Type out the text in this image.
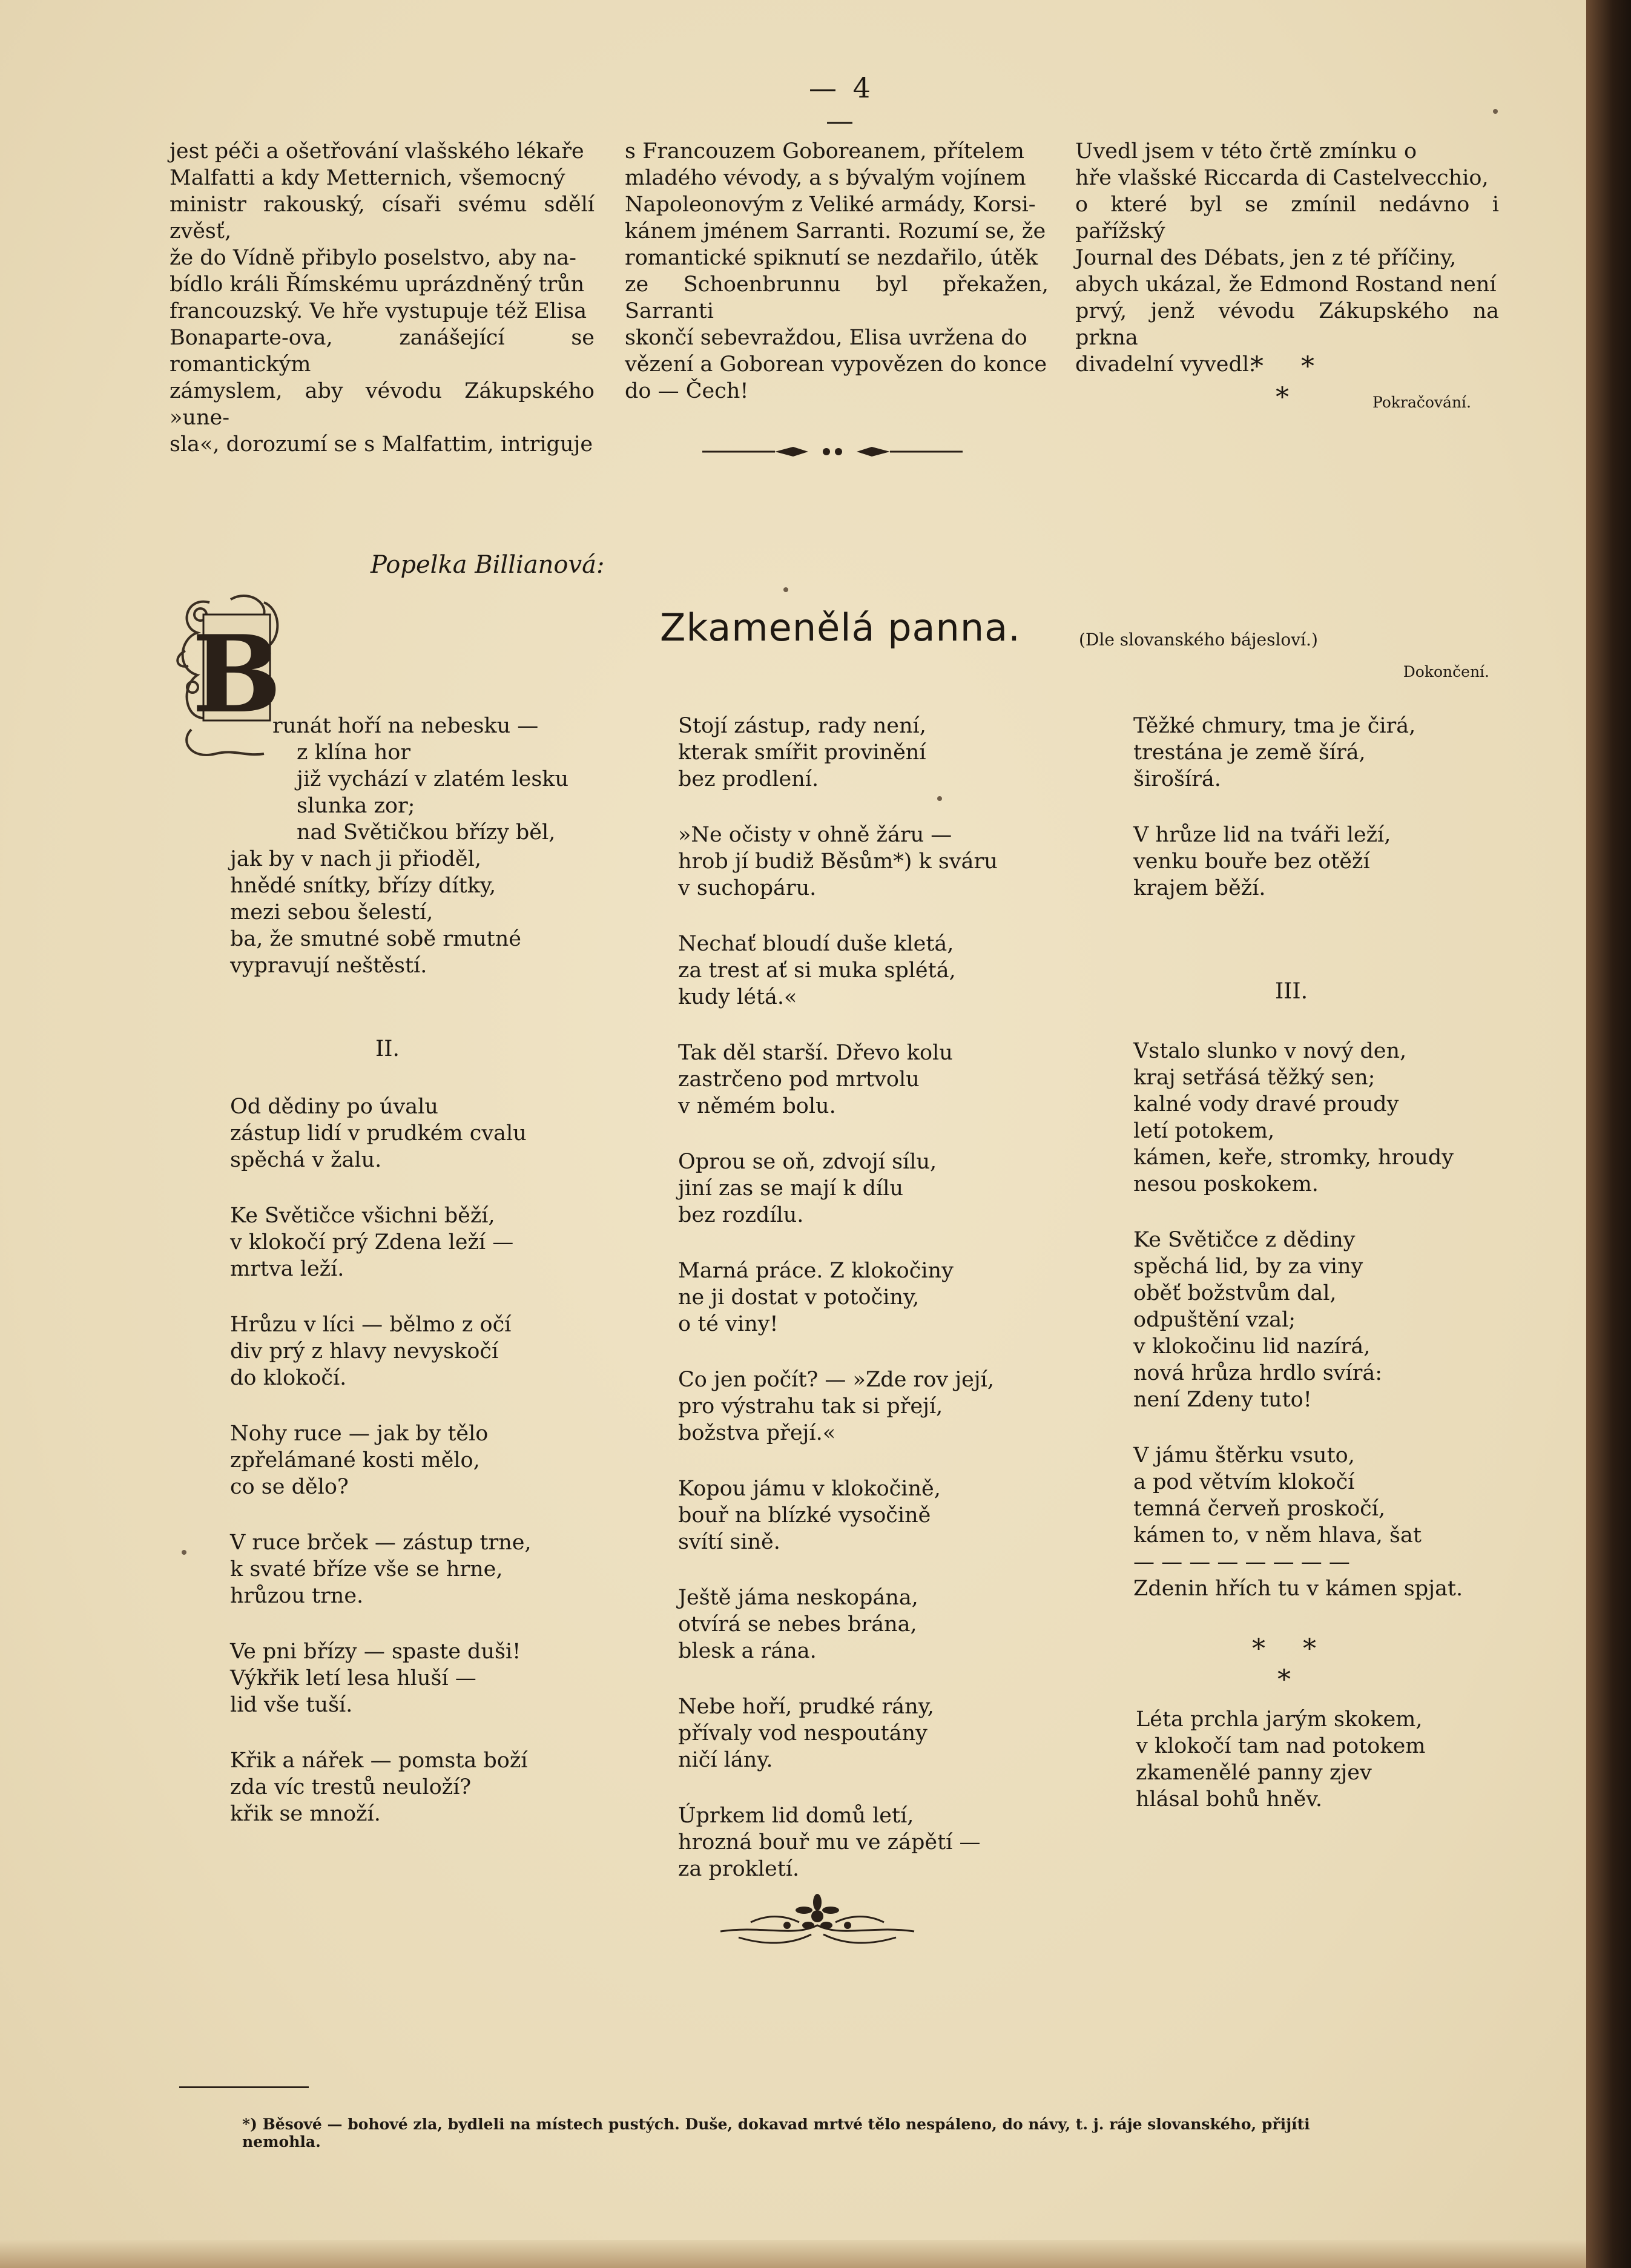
— 4 —
jest péči a ošetřování vlašského lékaře
Malfatti a kdy Metternich, všemocný
ministr rakouský, císaři svému sdělí zvěsť,
že do Vídně přibylo poselstvo, aby na-
bídlo králi Římskému uprázdněný trůn
francouzský. Ve hře vystupuje též Elisa
Bonaparte-ova, zanášející se romantickým
zámyslem, aby vévodu Zákupského »une-
sla«, dorozumí se s Malfattim, intriguje
s Francouzem Goboreanem, přítelem
mladého vévody, a s bývalým vojínem
Napoleonovým z Veliké armády, Korsi-
kánem jménem Sarranti. Rozumí se, že
romantické spiknutí se nezdařilo, útěk
ze Schoenbrunnu byl překažen, Sarranti
skončí sebevraždou, Elisa uvržena do
vězení a Goborean vypovězen do konce
do — Čech!
Uvedl jsem v této črtě zmínku o
hře vlašské Riccarda di Castelvecchio,
o které byl se zmínil nedávno i pařížský
Journal des Débats, jen z té příčiny,
abych ukázal, že Edmond Rostand není
prvý, jenž vévodu Zákupského na prkna
divadelní vyvedl.
* * *	Pokračování.
Popelka Billianová:
Zkamenělá panna.	(Dle slovanského bájesloví.)
Dokončení.
B
runát hoří na nebesku —
z klína hor
již vychází v zlatém lesku
slunka zor;
nad Světičkou břízy běl,
jak by v nach ji přioděl,
hnědé snítky, břízy dítky,
mezi sebou šelestí,
ba, že smutné sobě rmutné
vypravují neštěstí.
II.
Od dědiny po úvalu
zástup lidí v prudkém cvalu
spěchá v žalu.
Ke Světičce všichni běží,
v klokočí prý Zdena leží —
mrtva leží.
Hrůzu v líci — bělmo z očí
div prý z hlavy nevyskočí
do klokočí.
Nohy ruce — jak by tělo
zpřelámané kosti mělo,
co se dělo?
V ruce brček — zástup trne,
k svaté bříze vše se hrne,
hrůzou trne.
Ve pni břízy — spaste duši!
Výkřik letí lesa hluší —
lid vše tuší.
Křik a nářek — pomsta boží
zda víc trestů neuloží?
křik se množí.
Stojí zástup, rady není,
kterak smířit provinění
bez prodlení.
»Ne očisty v ohně žáru —
hrob jí budiž Běsům*) k sváru
v suchopáru.
Nechať bloudí duše kletá,
za trest ať si muka splétá,
kudy létá.«
Tak děl starší. Dřevo kolu
zastrčeno pod mrtvolu
v němém bolu.
Oprou se oň, zdvojí sílu,
jiní zas se mají k dílu
bez rozdílu.
Marná práce. Z klokočiny
ne ji dostat v potočiny,
o té viny!
Co jen počít? — »Zde rov její,
pro výstrahu tak si přejí,
božstva přejí.«
Kopou jámu v klokočině,
bouř na blízké vysočině
svítí sině.
Ještě jáma neskopána,
otvírá se nebes brána,
blesk a rána.
Nebe hoří, prudké rány,
přívaly vod nespoutány
ničí lány.
Úprkem lid domů letí,
hrozná bouř mu ve zápětí —
za prokletí.
Těžké chmury, tma je čirá,
trestána je země šírá,
širošírá.
V hrůze lid na tváři leží,
venku bouře bez otěží
krajem běží.
III.
Vstalo slunko v nový den,
kraj setřásá těžký sen;
kalné vody dravé proudy
letí potokem,
kámen, keře, stromky, hroudy
nesou poskokem.
Ke Světičce z dědiny
spěchá lid, by za viny
oběť božstvům dal,
odpuštění vzal;
v klokočinu lid nazírá,
nová hrůza hrdlo svírá:
není Zdeny tuto!
V jámu štěrku vsuto,
a pod větvím klokočí
temná červeň proskočí,
kámen to, v něm hlava, šat
— — — — — — — —
Zdenin hřích tu v kámen spjat.
* * *
Léta prchla jarým skokem,
v klokočí tam nad potokem
zkamenělé panny zjev
hlásal bohů hněv.
*) Běsové — bohové zla, bydleli na místech pustých. Duše, dokavad mrtvé tělo nespáleno, do návy, t. j. ráje slovanského, přijíti nemohla.
